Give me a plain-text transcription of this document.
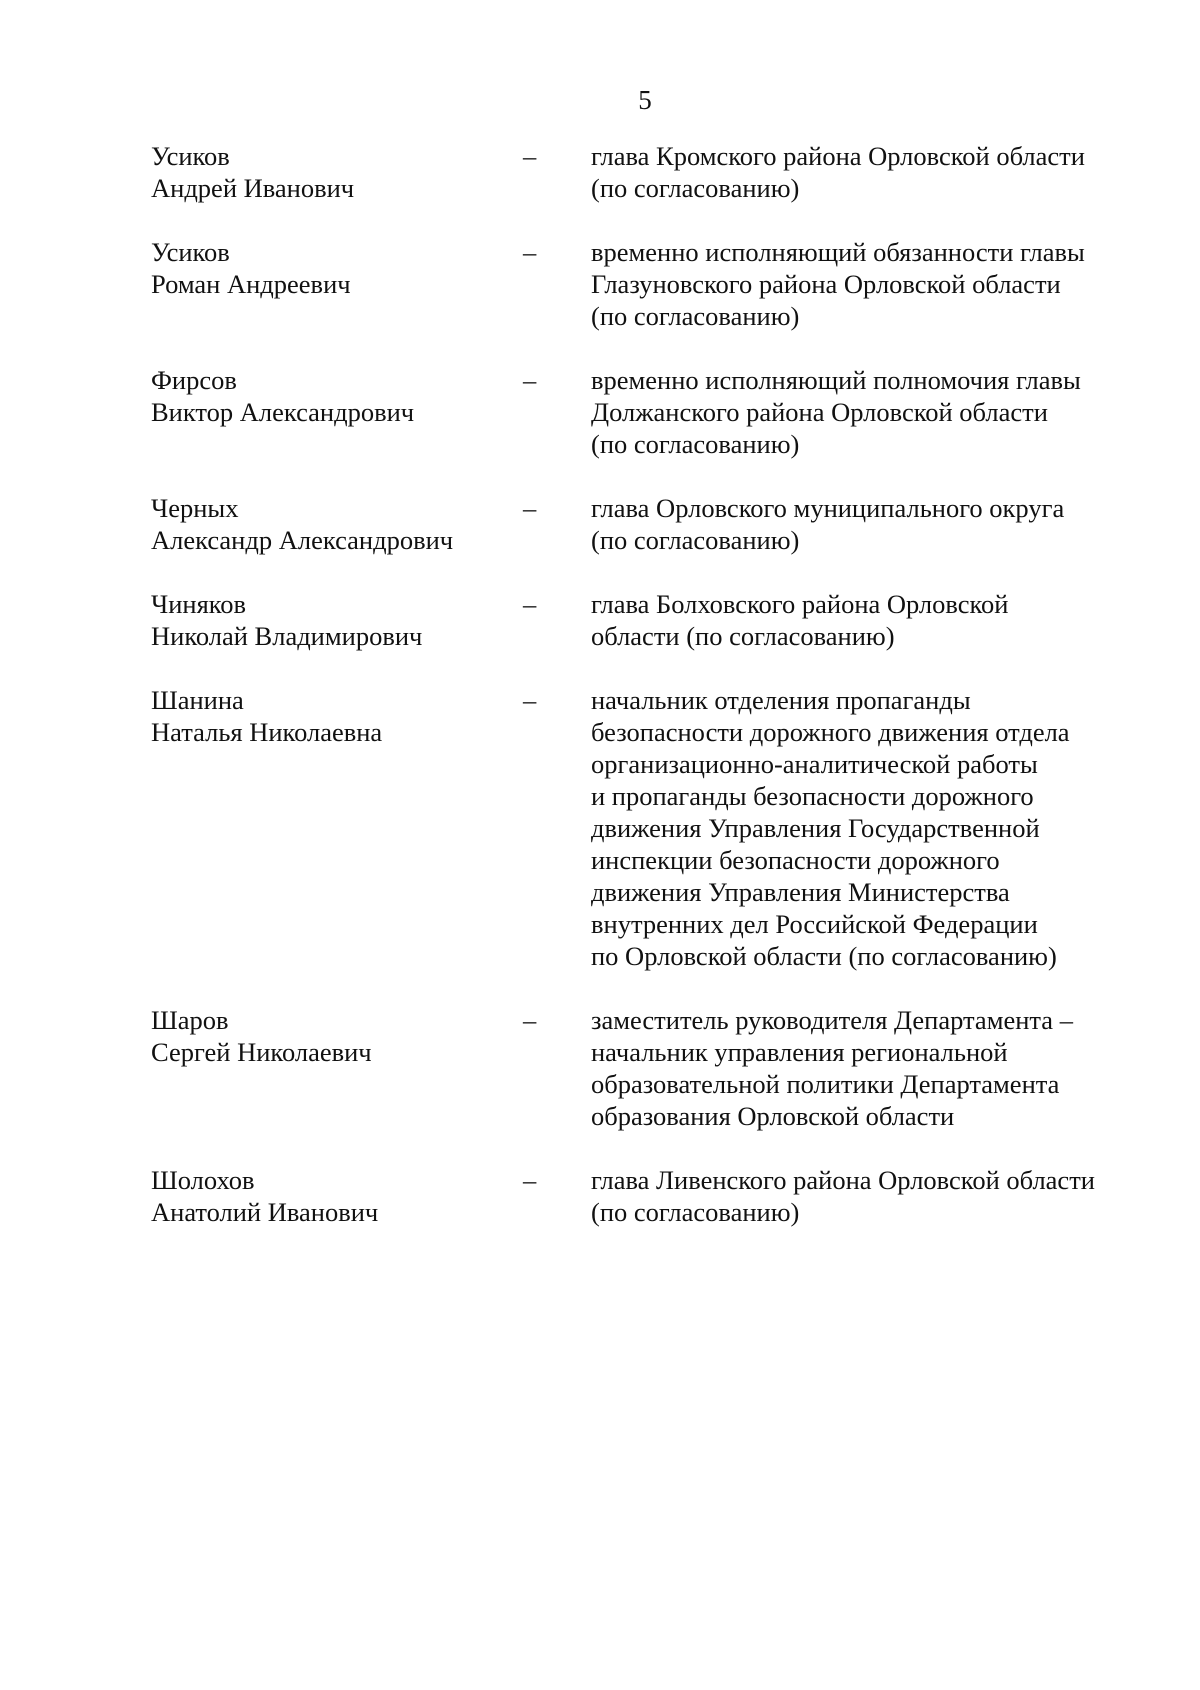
5
Усиков
Андрей Иванович
–	глава Кромского района Орловской области
(по согласованию)
Усиков
Роман Андреевич
–	временно исполняющий обязанности главы
Глазуновского района Орловской области
(по согласованию)
Фирсов
Виктор Александрович
–	временно исполняющий полномочия главы
Должанского района Орловской области
(по согласованию)
Черных
Александр Александрович
–	глава Орловского муниципального округа
(по согласованию)
Чиняков
Николай Владимирович
–	глава Болховского района Орловской
области (по согласованию)
Шанина
Наталья Николаевна
–	начальник отделения пропаганды
безопасности дорожного движения отдела
организационно-аналитической работы
и пропаганды безопасности дорожного
движения Управления Государственной
инспекции безопасности дорожного
движения Управления Министерства
внутренних дел Российской Федерации
по Орловской области (по согласованию)
Шаров
Сергей Николаевич
–	заместитель руководителя Департамента –
начальник управления региональной
образовательной политики Департамента
образования Орловской области
Шолохов
Анатолий Иванович
–	глава Ливенского района Орловской области
(по согласованию)
